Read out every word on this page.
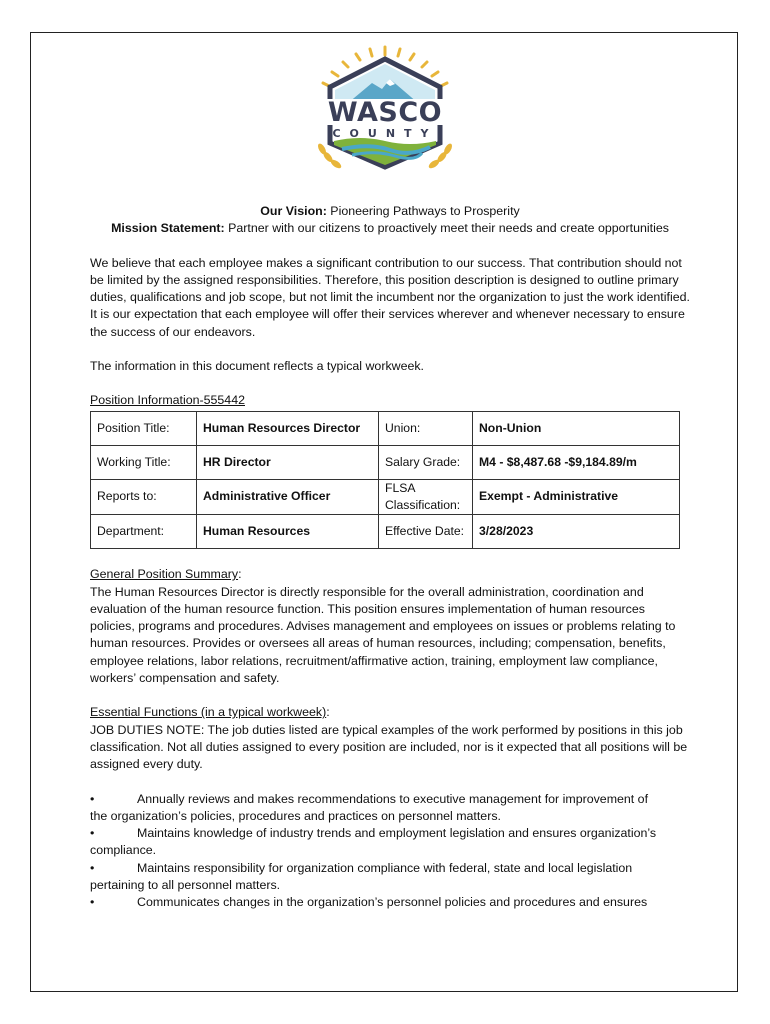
WASCO
COUNTY

Our Vision: Pioneering Pathways to Prosperity

Mission Statement: Partner with our citizens to proactively meet their needs and create opportunities

We believe that each employee makes a significant contribution to our success. That contribution should not be limited by the assigned responsibilities. Therefore, this position description is designed to outline primary duties, qualifications and job scope, but not limit the incumbent nor the organization to just the work identified. It is our expectation that each employee will offer their services wherever and whenever necessary to ensure the success of our endeavors.

The information in this document reflects a typical workweek.

Position Information-555442

Position Title:	Human Resources Director	Union:	Non-Union
Working Title:	HR Director	Salary Grade:	M4 - $8,487.68 -$9,184.89/m
Reports to:	Administrative Officer	FLSA Classification:	Exempt - Administrative
Department:	Human Resources	Effective Date:	3/28/2023

General Position Summary:

The Human Resources Director is directly responsible for the overall administration, coordination and evaluation of the human resource function. This position ensures implementation of human resources policies, programs and procedures. Advises management and employees on issues or problems relating to human resources. Provides or oversees all areas of human resources, including; compensation, benefits, employee relations, labor relations, recruitment/affirmative action, training, employment law compliance, workers’ compensation and safety.

Essential Functions (in a typical workweek):

JOB DUTIES NOTE: The job duties listed are typical examples of the work performed by positions in this job classification. Not all duties assigned to every position are included, nor is it expected that all positions will be assigned every duty.

•	Annually reviews and makes recommendations to executive management for improvement of

the organization’s policies, procedures and practices on personnel matters.

•	Maintains knowledge of industry trends and employment legislation and ensures organization’s

compliance.

•	Maintains responsibility for organization compliance with federal, state and local legislation

pertaining to all personnel matters.

•	Communicates changes in the organization’s personnel policies and procedures and ensures
